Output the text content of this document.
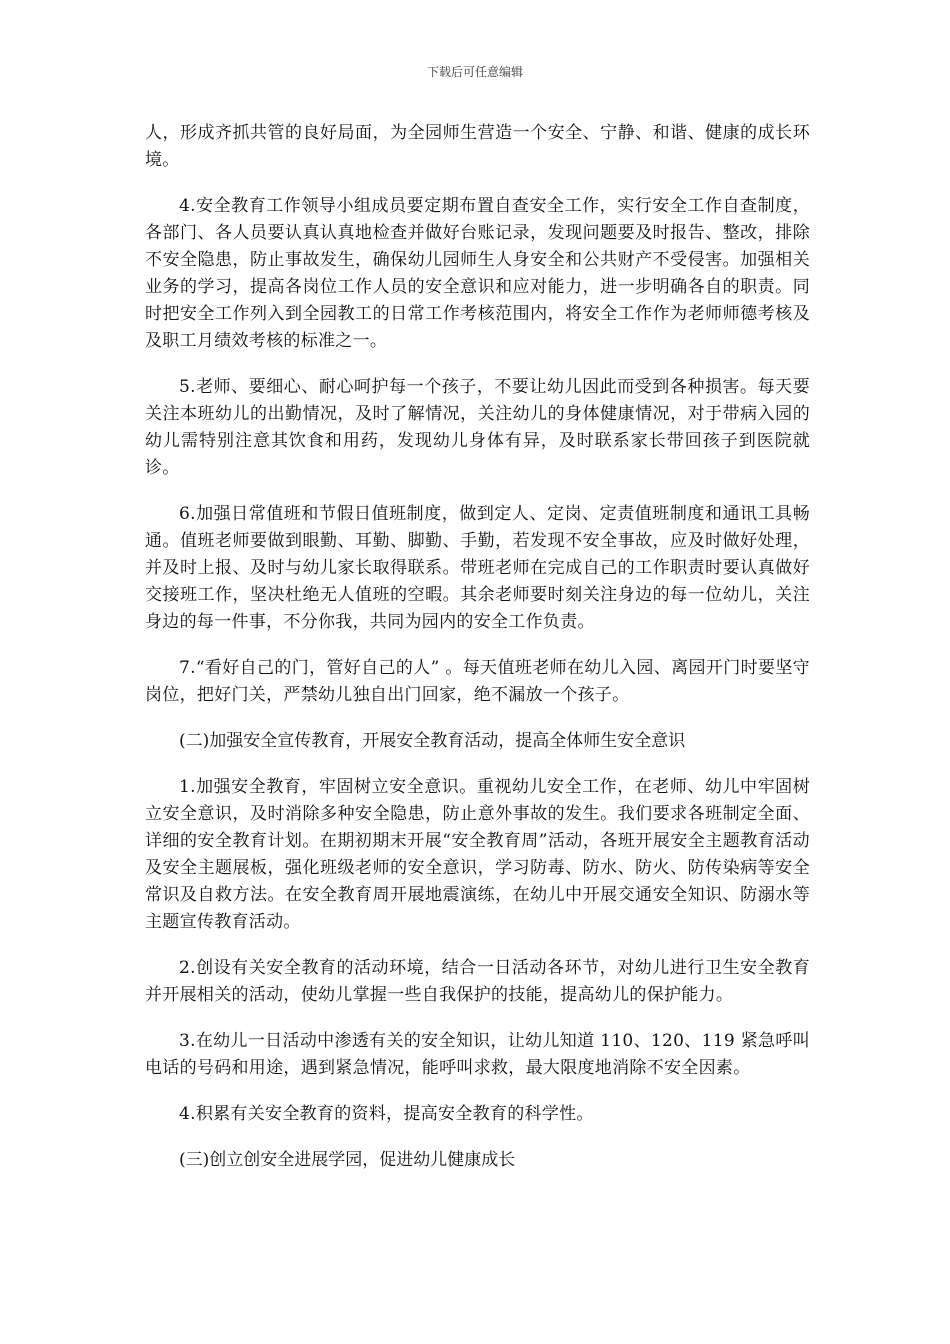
下载后可任意编辑

人，形成齐抓共管的良好局面，为全园师生营造一个安全、宁静、和谐、健康的成长环境。

4.安全教育工作领导小组成员要定期布置自查安全工作，实行安全工作自查制度，各部门、各人员要认真认真地检查并做好台账记录，发现问题要及时报告、整改，排除不安全隐患，防止事故发生，确保幼儿园师生人身安全和公共财产不受侵害。加强相关业务的学习，提高各岗位工作人员的安全意识和应对能力，进一步明确各自的职责。同时把安全工作列入到全园教工的日常工作考核范围内，将安全工作作为老师师德考核及及职工月绩效考核的标准之一。

5.老师、要细心、耐心呵护每一个孩子，不要让幼儿因此而受到各种损害。每天要关注本班幼儿的出勤情况，及时了解情况，关注幼儿的身体健康情况，对于带病入园的幼儿需特别注意其饮食和用药，发现幼儿身体有异，及时联系家长带回孩子到医院就诊。

6.加强日常值班和节假日值班制度，做到定人、定岗、定责值班制度和通讯工具畅通。值班老师要做到眼勤、耳勤、脚勤、手勤，若发现不安全事故，应及时做好处理，并及时上报、及时与幼儿家长取得联系。带班老师在完成自己的工作职责时要认真做好交接班工作，坚决杜绝无人值班的空暇。其余老师要时刻关注身边的每一位幼儿，关注身边的每一件事，不分你我，共同为园内的安全工作负责。

7.“看好自己的门，管好自己的人” 。每天值班老师在幼儿入园、离园开门时要坚守岗位，把好门关，严禁幼儿独自出门回家，绝不漏放一个孩子。

(二)加强安全宣传教育，开展安全教育活动，提高全体师生安全意识

1.加强安全教育，牢固树立安全意识。重视幼儿安全工作，在老师、幼儿中牢固树立安全意识，及时消除多种安全隐患，防止意外事故的发生。我们要求各班制定全面、详细的安全教育计划。在期初期末开展“安全教育周”活动，各班开展安全主题教育活动及安全主题展板，强化班级老师的安全意识，学习防毒、防水、防火、防传染病等安全常识及自救方法。在安全教育周开展地震演练，在幼儿中开展交通安全知识、防溺水等主题宣传教育活动。

2.创设有关安全教育的活动环境，结合一日活动各环节，对幼儿进行卫生安全教育并开展相关的活动，使幼儿掌握一些自我保护的技能，提高幼儿的保护能力。

3.在幼儿一日活动中渗透有关的安全知识，让幼儿知道 110、120、119 紧急呼叫电话的号码和用途，遇到紧急情况，能呼叫求救，最大限度地消除不安全因素。

4.积累有关安全教育的资料，提高安全教育的科学性。

(三)创立创安全进展学园，促进幼儿健康成长
